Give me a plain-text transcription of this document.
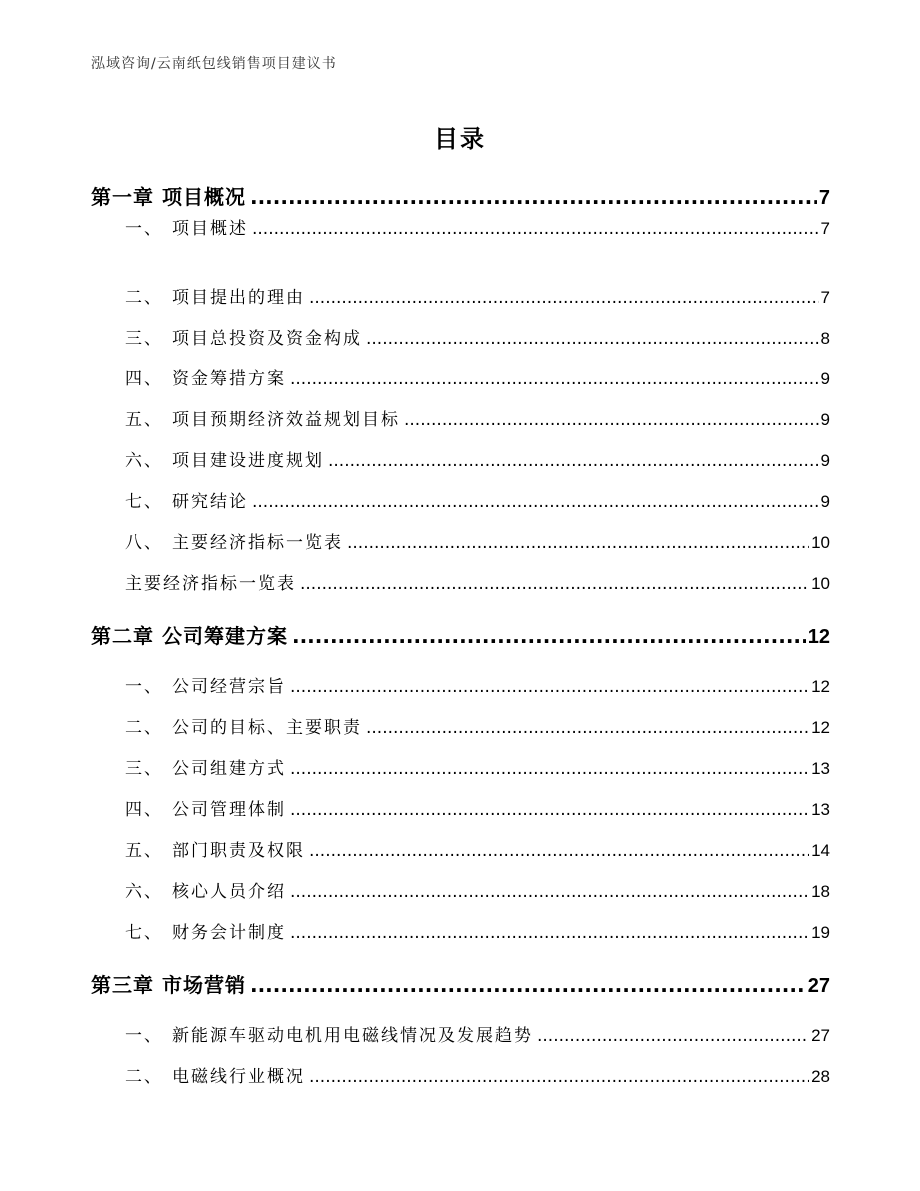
泓域咨询/云南纸包线销售项目建议书
目录
第一章 项目概况 .....	7
一、 项目概述 .....	7
二、 项目提出的理由 .....	7
三、 项目总投资及资金构成 .....	8
四、 资金筹措方案 .....	9
五、 项目预期经济效益规划目标 .....	9
六、 项目建设进度规划 .....	9
七、 研究结论 .....	9
八、 主要经济指标一览表 .....	10
主要经济指标一览表 .....	10
第二章 公司筹建方案 .....	12
一、 公司经营宗旨 .....	12
二、 公司的目标、主要职责 .....	12
三、 公司组建方式 .....	13
四、 公司管理体制 .....	13
五、 部门职责及权限 .....	14
六、 核心人员介绍 .....	18
七、 财务会计制度 .....	19
第三章 市场营销 .....	27
一、 新能源车驱动电机用电磁线情况及发展趋势 .....	27
二、 电磁线行业概况 .....	28
